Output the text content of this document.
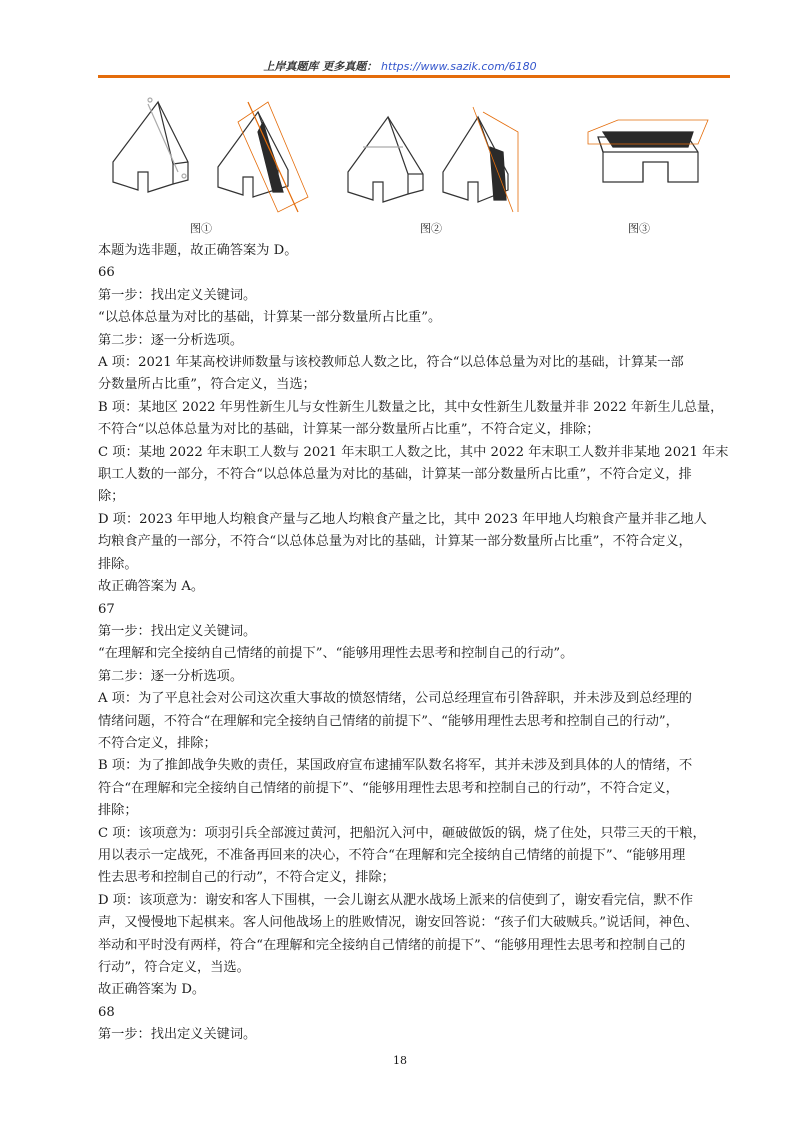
上岸真题库 更多真题： https://www.sazik.com/6180
图①	图②	图③

本题为选非题，故正确答案为 D。

66

第一步：找出定义关键词。

“以总体总量为对比的基础，计算某一部分数量所占比重”。

第二步：逐一分析选项。

A 项：2021 年某高校讲师数量与该校教师总人数之比，符合“以总体总量为对比的基础，计算某一部

分数量所占比重”，符合定义，当选；

B 项：某地区 2022 年男性新生儿与女性新生儿数量之比，其中女性新生儿数量并非 2022 年新生儿总量，

不符合“以总体总量为对比的基础，计算某一部分数量所占比重”，不符合定义，排除；

C 项：某地 2022 年末职工人数与 2021 年末职工人数之比，其中 2022 年末职工人数并非某地 2021 年末

职工人数的一部分，不符合“以总体总量为对比的基础，计算某一部分数量所占比重”，不符合定义，排

除；

D 项：2023 年甲地人均粮食产量与乙地人均粮食产量之比，其中 2023 年甲地人均粮食产量并非乙地人

均粮食产量的一部分，不符合“以总体总量为对比的基础，计算某一部分数量所占比重”，不符合定义，

排除。

故正确答案为 A。

67

第一步：找出定义关键词。

“在理解和完全接纳自己情绪的前提下”、“能够用理性去思考和控制自己的行动”。

第二步：逐一分析选项。

A 项：为了平息社会对公司这次重大事故的愤怒情绪，公司总经理宣布引咎辞职，并未涉及到总经理的

情绪问题，不符合“在理解和完全接纳自己情绪的前提下”、“能够用理性去思考和控制自己的行动”，

不符合定义，排除；

B 项：为了推卸战争失败的责任，某国政府宣布逮捕军队数名将军，其并未涉及到具体的人的情绪，不

符合“在理解和完全接纳自己情绪的前提下”、“能够用理性去思考和控制自己的行动”，不符合定义，

排除；

C 项：该项意为：项羽引兵全部渡过黄河，把船沉入河中，砸破做饭的锅，烧了住处，只带三天的干粮，

用以表示一定战死，不准备再回来的决心，不符合“在理解和完全接纳自己情绪的前提下”、“能够用理

性去思考和控制自己的行动”，不符合定义，排除；

D 项：该项意为：谢安和客人下围棋，一会儿谢玄从淝水战场上派来的信使到了，谢安看完信，默不作

声，又慢慢地下起棋来。客人问他战场上的胜败情况，谢安回答说：“孩子们大破贼兵。”说话间，神色、

举动和平时没有两样，符合“在理解和完全接纳自己情绪的前提下”、“能够用理性去思考和控制自己的

行动”，符合定义，当选。

故正确答案为 D。

68

第一步：找出定义关键词。

18
